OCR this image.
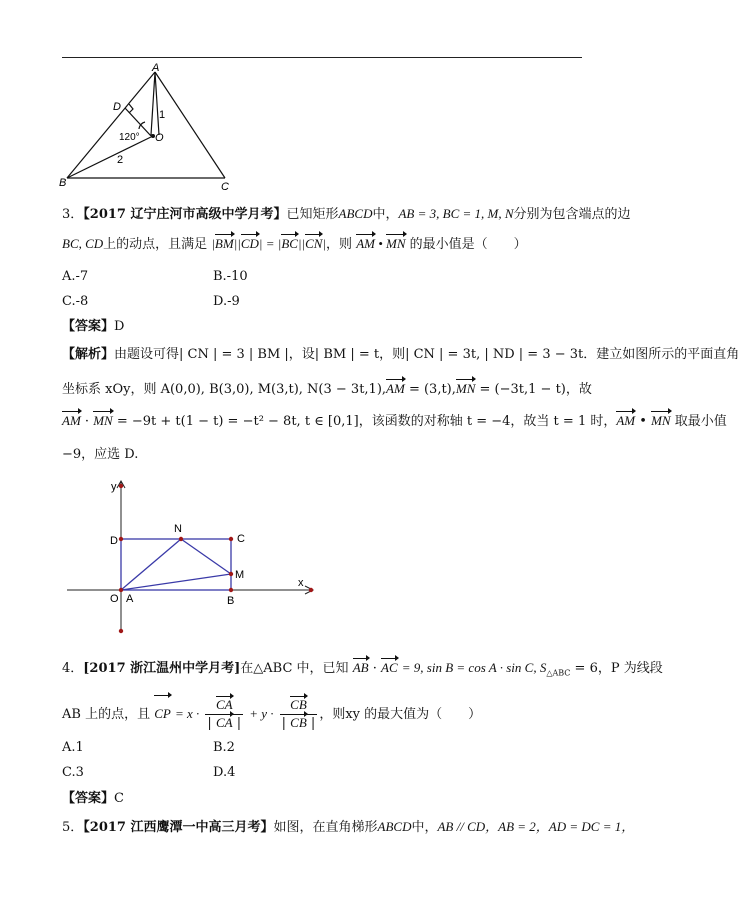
A
D
O
120°
1
2
B	C
3．【2017 辽宁庄河市高级中学月考】已知矩形ABCD中，AB = 3, BC = 1, M, N分别为包含端点的边
BC, CD上的动点，且满足 |BM||CD| = |BC||CN|，则 AM • MN 的最小值是（　　）
A.-7	B.-10
C.-8	D.-9
【答案】D
【解析】由题设可得| CN | = 3 | BM |，设| BM | = t，则| CN | = 3t, | ND | = 3 − 3t．建立如图所示的平面直角
坐标系 xOy，则 A(0,0), B(3,0), M(3,t), N(3 − 3t,1),AM = (3,t),MN = (−3t,1 − t)，故
AM · MN = −9t + t(1 − t) = −t² − 8t, t ∈ [0,1]，该函数的对称轴 t = −4，故当 t = 1 时，AM • MN 取最小值
−9，应选 D.
y
x
N
C
D
M
O A	B
4．[2017 浙江温州中学月考]在△ABC 中，已知 AB · AC = 9, sin B = cos A · sin C, $S_{\triangle ABC} = 6$，P 为线段
AB 上的点，且 CP = $x \cdot \frac{CA}{| CA |} + y \cdot \frac{CB}{| CB |}$ ，则xy 的最大值为（　　）
A.1	B.2
C.3	D.4
【答案】C
5．【2017 江西鹰潭一中高三月考】如图，在直角梯形ABCD中，AB // CD，AB = 2，AD = DC = 1，
